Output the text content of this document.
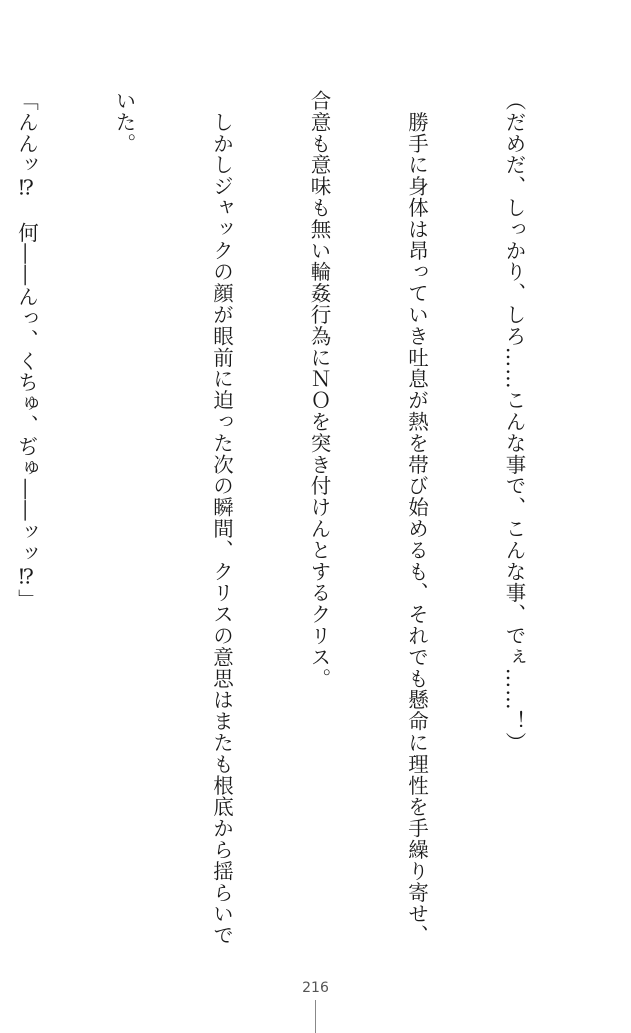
（だめだ、しっかり、しろ……こんな事で、こんな事、でぇ……！）

　勝手に身体は昂っていき吐息が熱を帯び始めるも、それでも懸命に理性を手繰り寄せ、

合意も意味も無い輪姦行為にＮＯを突き付けんとするクリス。

　しかしジャックの顔が眼前に迫った次の瞬間、クリスの意思はまたも根底から揺らいで

いた。

「んんッ⁉　何――んっ、くちゅ、ぢゅ――ッッ⁉」

216
